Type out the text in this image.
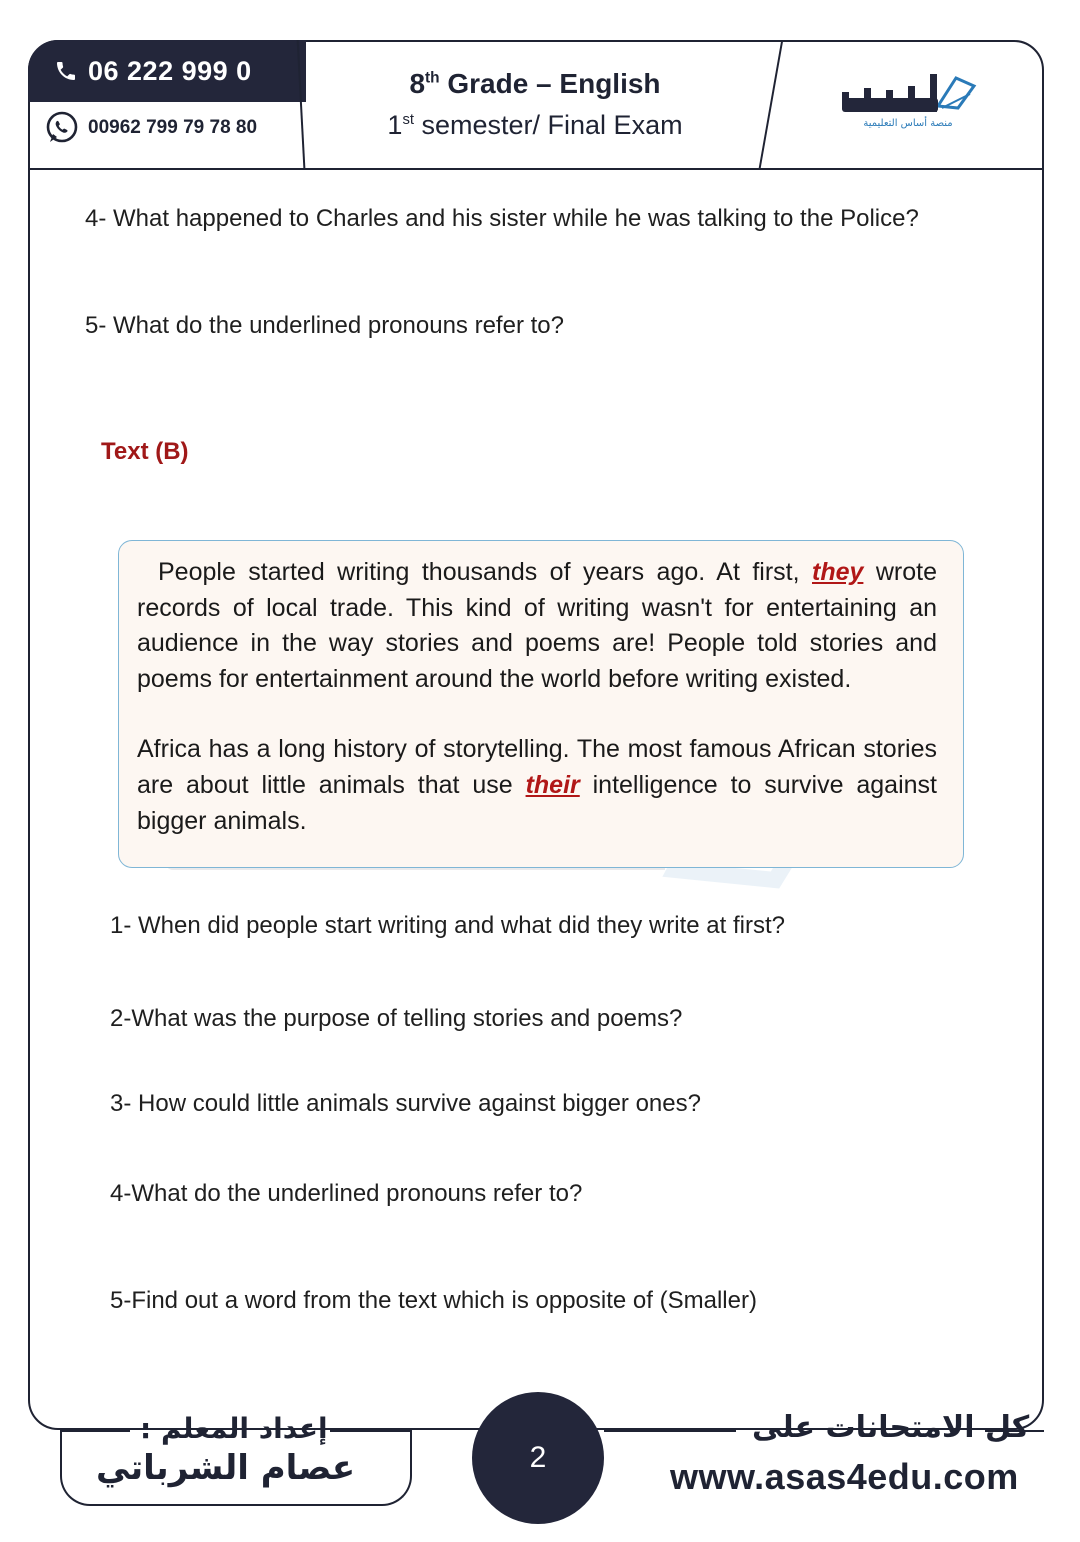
06 222 999 0
00962 799 79 78 80
8th Grade – English
1st semester/ Final Exam	منصة أساس التعليمية
4- What happened to Charles and his sister while he was talking to the Police?
5- What do the underlined pronouns refer to?
Text (B)

People started writing thousands of years ago. At first, they wrote records of local trade. This kind of writing wasn't for entertaining an audience in the way stories and poems are! People told stories and poems for entertainment around the world before writing existed.

Africa has a long history of storytelling. The most famous African stories are about little animals that use their intelligence to survive against bigger animals.

1- When did people start writing and what did they write at first?
2-What was the purpose of telling stories and poems?
3- How could little animals survive against bigger ones?
4-What do the underlined pronouns refer to?
5-Find out a word from the text which is opposite of (Smaller)
إعداد المعلم :
عصام الشرباتي	2
كل الامتحانات على
www.asas4edu.com
